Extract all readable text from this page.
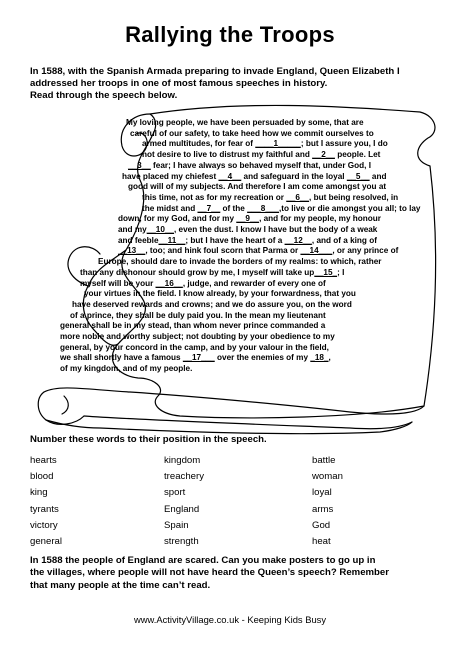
Rallying the Troops

In 1588, with the Spanish Armada preparing to invade England, Queen Elizabeth I

addressed her troops in one of most famous speeches in history.

Read through the speech below.

My loving people, we have been persuaded by some, that are
careful of our safety, to take heed how we commit ourselves to
armed multitudes, for fear of ____1_____; but I assure you, I do
not desire to live to distrust my faithful and __2__ people. Let
__3__ fear; I have always so behaved myself that, under God, I
have placed my chiefest __4__ and safeguard in the loyal __5__ and
good will of my subjects. And therefore I am come amongst you at
this time, not as for my recreation or __6__, but being resolved, in
the midst and __7__ of the ___8___,to live or die amongst you all; to lay
down, for my God, and for my __9__, and for my people, my honour
and my__10__, even the dust. I know I have but the body of a weak
and feeble__11__; but I have the heart of a __12__, and of a king of
__13__, too; and hink foul scorn that Parma or __14___, or any prince of
Europe, should dare to invade the borders of my realms: to which, rather
than any dishonour should grow by me, I myself will take up__15_; I
myself will be your __16__, judge, and rewarder of every one of
your virtues in the field. I know already, by your forwardness, that you
have deserved rewards and crowns; and we do assure you, on the word
of a prince, they shall be duly paid you. In the mean my lieutenant
general shall be in my stead, than whom never prince commanded a
more noble and worthy subject; not doubting by your obedience to my
general, by your concord in the camp, and by your valour in the field,
we shall shortly have a famous __17___ over the enemies of my _18_,
of my kingdom, and of my people.
Number these words to their position in the speech.
hearts	kingdom	battle
blood	treachery	woman
king	sport	loyal
tyrants	England	arms
victory	Spain	God
general	strength	heat
In 1588 the people of England are scared. Can you make posters to go up in
the villages, where people will not have heard the Queen’s speech? Remember
that many people at the time can’t read.
www.ActivityVillage.co.uk - Keeping Kids Busy
